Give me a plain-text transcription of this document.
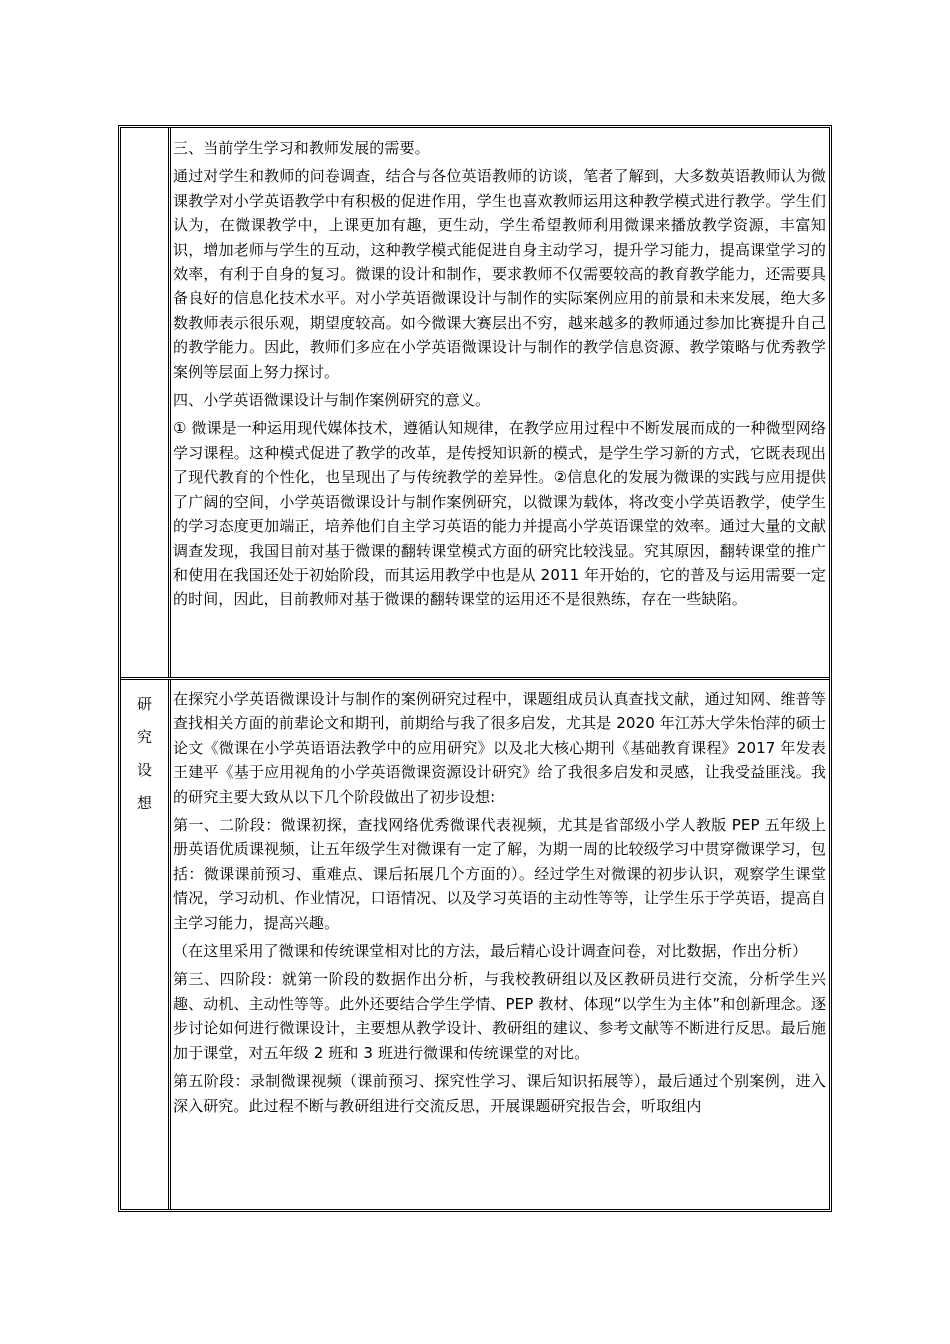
三、当前学生学习和教师发展的需要。

通过对学生和教师的问卷调查，结合与各位英语教师的访谈，笔者了解到，大多数英语教师认为微课教学对小学英语教学中有积极的促进作用，学生也喜欢教师运用这种教学模式进行教学。学生们认为，在微课教学中，上课更加有趣，更生动，学生希望教师利用微课来播放教学资源，丰富知识，增加老师与学生的互动，这种教学模式能促进自身主动学习，提升学习能力，提高课堂学习的效率，有利于自身的复习。微课的设计和制作，要求教师不仅需要较高的教育教学能力，还需要具备良好的信息化技术水平。对小学英语微课设计与制作的实际案例应用的前景和未来发展，绝大多数教师表示很乐观，期望度较高。如今微课大赛层出不穷，越来越多的教师通过参加比赛提升自己的教学能力。因此，教师们多应在小学英语微课设计与制作的教学信息资源、教学策略与优秀教学案例等层面上努力探讨。

四、小学英语微课设计与制作案例研究的意义。

① 微课是一种运用现代媒体技术，遵循认知规律，在教学应用过程中不断发展而成的一种微型网络学习课程。这种模式促进了教学的改革，是传授知识新的模式，是学生学习新的方式，它既表现出了现代教育的个性化，也呈现出了与传统教学的差异性。②信息化的发展为微课的实践与应用提供了广阔的空间，小学英语微课设计与制作案例研究，以微课为载体，将改变小学英语教学，使学生的学习态度更加端正，培养他们自主学习英语的能力并提高小学英语课堂的效率。通过大量的文献调查发现，我国目前对基于微课的翻转课堂模式方面的研究比较浅显。究其原因，翻转课堂的推广和使用在我国还处于初始阶段，而其运用教学中也是从 2011 年开始的，它的普及与运用需要一定的时间，因此，目前教师对基于微课的翻转课堂的运用还不是很熟练，存在一些缺陷。

研
究
设
想

在探究小学英语微课设计与制作的案例研究过程中，课题组成员认真查找文献，通过知网、维普等查找相关方面的前辈论文和期刊，前期给与我了很多启发，尤其是 2020 年江苏大学朱怡萍的硕士论文《微课在小学英语语法教学中的应用研究》以及北大核心期刊《基础教育课程》2017 年发表王建平《基于应用视角的小学英语微课资源设计研究》给了我很多启发和灵感，让我受益匪浅。我的研究主要大致从以下几个阶段做出了初步设想:

第一、二阶段：微课初探，查找网络优秀微课代表视频，尤其是省部级小学人教版 PEP 五年级上册英语优质课视频，让五年级学生对微课有一定了解，为期一周的比较级学习中贯穿微课学习，包括：微课课前预习、重难点、课后拓展几个方面的）。经过学生对微课的初步认识，观察学生课堂情况，学习动机、作业情况，口语情况、以及学习英语的主动性等等，让学生乐于学英语，提高自主学习能力，提高兴趣。

（在这里采用了微课和传统课堂相对比的方法，最后精心设计调查问卷，对比数据，作出分析）

第三、四阶段：就第一阶段的数据作出分析，与我校教研组以及区教研员进行交流，分析学生兴趣、动机、主动性等等。此外还要结合学生学情、PEP 教材、体现“以学生为主体”和创新理念。逐步讨论如何进行微课设计，主要想从教学设计、教研组的建议、参考文献等不断进行反思。最后施加于课堂，对五年级 2 班和 3 班进行微课和传统课堂的对比。

第五阶段：录制微课视频（课前预习、探究性学习、课后知识拓展等），最后通过个别案例，进入深入研究。此过程不断与教研组进行交流反思，开展课题研究报告会，听取组内
